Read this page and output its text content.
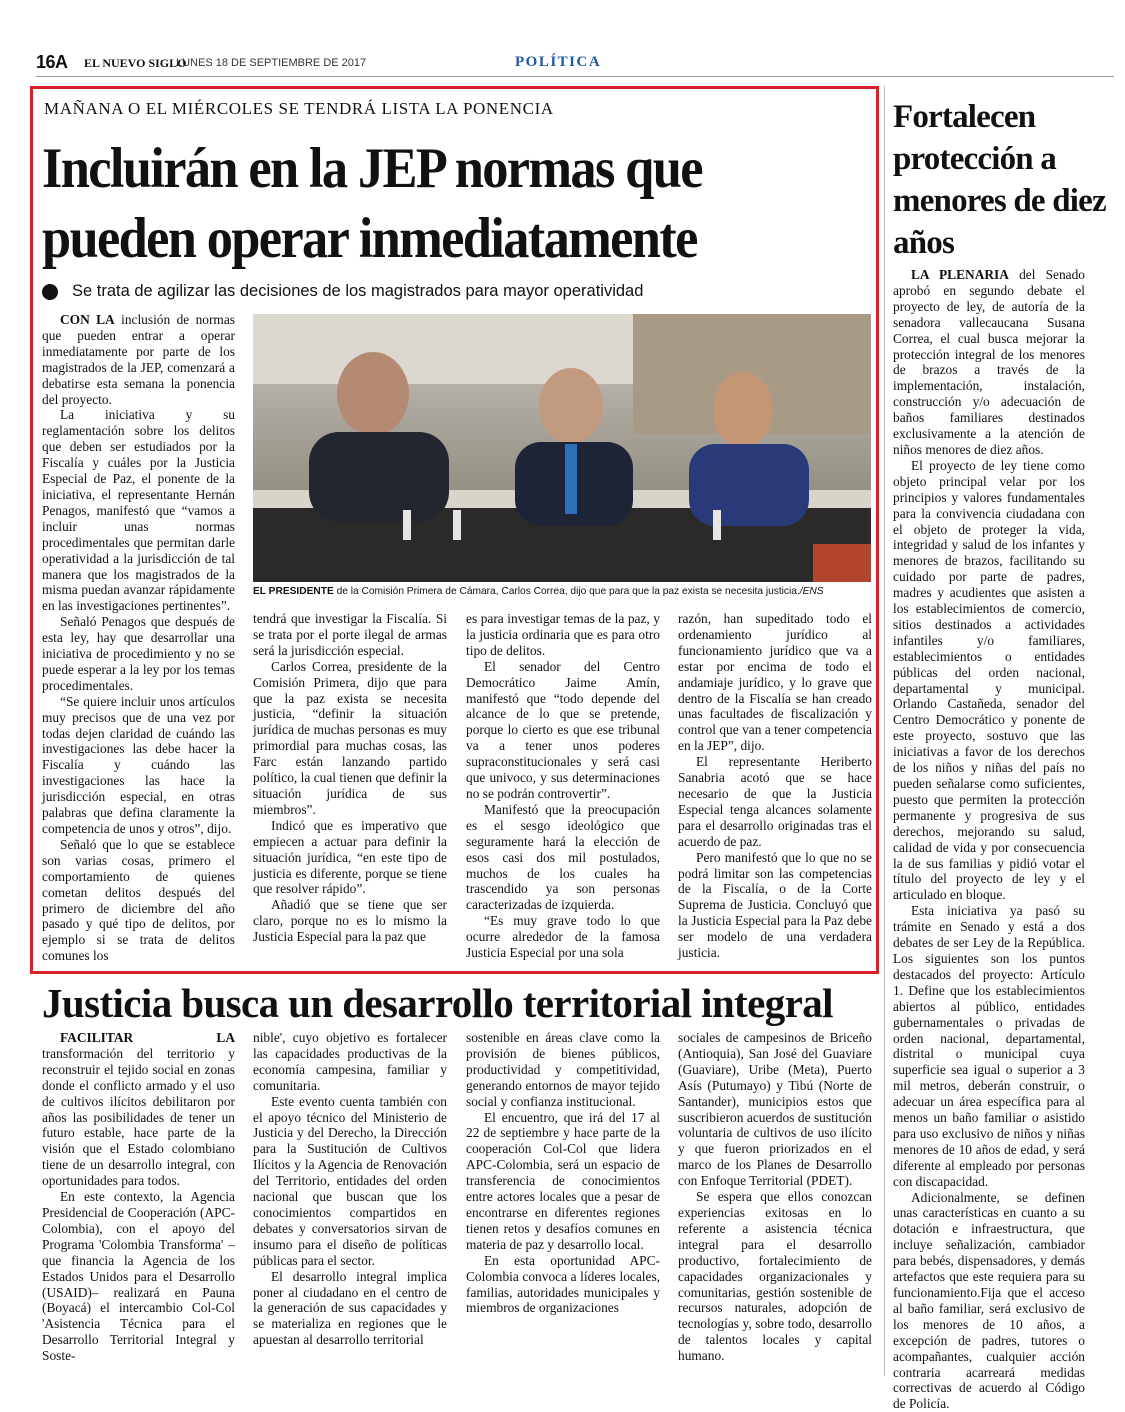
16A EL NUEVO SIGLO
LUNES 18 DE SEPTIEMBRE DE 2017	POLÍTICA
MAÑANA O EL MIÉRCOLES SE TENDRÁ LISTA LA PONENCIA
Incluirán en la JEP normas que
pueden operar inmediatamente
Se trata de agilizar las decisiones de los magistrados para mayor operatividad

CON LA inclusión de normas que pueden entrar a operar inmediatamente por parte de los magistrados de la JEP, comenzará a debatirse esta semana la ponencia del proyecto.

La iniciativa y su reglamentación sobre los delitos que deben ser estudiados por la Fiscalía y cuáles por la Justicia Especial de Paz, el ponente de la iniciativa, el representante Hernán Penagos, manifestó que “vamos a incluir unas normas procedimentales que permitan darle operatividad a la jurisdicción de tal manera que los magistrados de la misma puedan avanzar rápidamente en las investigaciones pertinentes”.

Señaló Penagos que después de esta ley, hay que desarrollar una iniciativa de procedimiento y no se puede esperar a la ley por los temas procedimentales.

“Se quiere incluir unos artículos muy precisos que de una vez por todas dejen claridad de cuándo las investigaciones las debe hacer la Fiscalía y cuándo las investigaciones las hace la jurisdicción especial, en otras palabras que defina claramente la competencia de unos y otros”, dijo.

Señaló que lo que se establece son varias cosas, primero el comportamiento de quienes cometan delitos después del primero de diciembre del año pasado y qué tipo de delitos, por ejemplo si se trata de delitos comunes los

EL PRESIDENTE de la Comisión Primera de Cámara, Carlos Correa, dijo que para que la paz exista se necesita justicia./ENS

tendrá que investigar la Fiscalía. Si se trata por el porte ilegal de armas será la jurisdicción especial.

Carlos Correa, presidente de la Comisión Primera, dijo que para que la paz exista se necesita justicia, “definir la situación jurídica de muchas personas es muy primordial para muchas cosas, las Farc están lanzando partido político, la cual tienen que definir la situación jurídica de sus miembros”.

Indicó que es imperativo que empiecen a actuar para definir la situación jurídica, “en este tipo de justicia es diferente, porque se tiene que resolver rápido”.

Añadió que se tiene que ser claro, porque no es lo mismo la Justicia Especial para la paz que

es para investigar temas de la paz, y la justicia ordinaria que es para otro tipo de delitos.

El senador del Centro Democrático Jaime Amín, manifestó que “todo depende del alcance de lo que se pretende, porque lo cierto es que ese tribunal va a tener unos poderes supraconstitucionales y será casi que univoco, y sus determinaciones no se podrán controvertir”.

Manifestó que la preocupación es el sesgo ideológico que seguramente hará la elección de esos casi dos mil postulados, muchos de los cuales ha trascendido ya son personas caracterizadas de izquierda.

“Es muy grave todo lo que ocurre alrededor de la famosa Justicia Especial por una sola

razón, han supeditado todo el ordenamiento jurídico al funcionamiento jurídico que va a estar por encima de todo el andamiaje jurídico, y lo grave que dentro de la Fiscalía se han creado unas facultades de fiscalización y control que van a tener competencia en la JEP”, dijo.

El representante Heriberto Sanabria acotó que se hace necesario de que la Justicia Especial tenga alcances solamente para el desarrollo originadas tras el acuerdo de paz.

Pero manifestó que lo que no se podrá limitar son las competencias de la Fiscalía, o de la Corte Suprema de Justicia. Concluyó que la Justicia Especial para la Paz debe ser modelo de una verdadera justicia.

Justicia busca un desarrollo territorial integral

FACILITAR LA transformación del territorio y reconstruir el tejido social en zonas donde el conflicto armado y el uso de cultivos ilícitos debilitaron por años las posibilidades de tener un futuro estable, hace parte de la visión que el Estado colombiano tiene de un desarrollo integral, con oportunidades para todos.

En este contexto, la Agencia Presidencial de Cooperación (APC-Colombia), con el apoyo del Programa 'Colombia Transforma' –que financia la Agencia de los Estados Unidos para el Desarrollo (USAID)– realizará en Pauna (Boyacá) el intercambio Col-Col 'Asistencia Técnica para el Desarrollo Territorial Integral y Soste-

nible', cuyo objetivo es fortalecer las capacidades productivas de la economía campesina, familiar y comunitaria.

Este evento cuenta también con el apoyo técnico del Ministerio de Justicia y del Derecho, la Dirección para la Sustitución de Cultivos Ilícitos y la Agencia de Renovación del Territorio, entidades del orden nacional que buscan que los conocimientos compartidos en debates y conversatorios sirvan de insumo para el diseño de políticas públicas para el sector.

El desarrollo integral implica poner al ciudadano en el centro de la generación de sus capacidades y se materializa en regiones que le apuestan al desarrollo territorial

sostenible en áreas clave como la provisión de bienes públicos, productividad y competitividad, generando entornos de mayor tejido social y confianza institucional.

El encuentro, que irá del 17 al 22 de septiembre y hace parte de la cooperación Col-Col que lidera APC-Colombia, será un espacio de transferencia de conocimientos entre actores locales que a pesar de encontrarse en diferentes regiones tienen retos y desafíos comunes en materia de paz y desarrollo local.

En esta oportunidad APC-Colombia convoca a líderes locales, familias, autoridades municipales y miembros de organizaciones

sociales de campesinos de Briceño (Antioquia), San José del Guaviare (Guaviare), Uribe (Meta), Puerto Asís (Putumayo) y Tibú (Norte de Santander), municipios estos que suscribieron acuerdos de sustitución voluntaria de cultivos de uso ilícito y que fueron priorizados en el marco de los Planes de Desarrollo con Enfoque Territorial (PDET).

Se espera que ellos conozcan experiencias exitosas en lo referente a asistencia técnica integral para el desarrollo productivo, fortalecimiento de capacidades organizacionales y comunitarias, gestión sostenible de recursos naturales, adopción de tecnologías y, sobre todo, desarrollo de talentos locales y capital humano.

Fortalecen protección a menores de diez años

LA PLENARIA del Senado aprobó en segundo debate el proyecto de ley, de autoría de la senadora vallecaucana Susana Correa, el cual busca mejorar la protección integral de los menores de brazos a través de la implementación, instalación, construcción y/o adecuación de baños familiares destinados exclusivamente a la atención de niños menores de diez años.

El proyecto de ley tiene como objeto principal velar por los principios y valores fundamentales para la convivencia ciudadana con el objeto de proteger la vida, integridad y salud de los infantes y menores de brazos, facilitando su cuidado por parte de padres, madres y acudientes que asisten a los establecimientos de comercio, sitios destinados a actividades infantiles y/o familiares, establecimientos o entidades públicas del orden nacional, departamental y municipal. Orlando Castañeda, senador del Centro Democrático y ponente de este proyecto, sostuvo que las iniciativas a favor de los derechos de los niños y niñas del país no pueden señalarse como suficientes, puesto que permiten la protección permanente y progresiva de sus derechos, mejorando su salud, calidad de vida y por consecuencia la de sus familias y pidió votar el título del proyecto de ley y el articulado en bloque.

Esta iniciativa ya pasó su trámite en Senado y está a dos debates de ser Ley de la República. Los siguientes son los puntos destacados del proyecto: Artículo 1. Define que los establecimientos abiertos al público, entidades gubernamentales o privadas de orden nacional, departamental, distrital o municipal cuya superficie sea igual o superior a 3 mil metros, deberán construir, o adecuar un área específica para al menos un baño familiar o asistido para uso exclusivo de niños y niñas menores de 10 años de edad, y será diferente al empleado por personas con discapacidad.

Adicionalmente, se definen unas características en cuanto a su dotación e infraestructura, que incluye señalización, cambiador para bebés, dispensadores, y demás artefactos que este requiera para su funcionamiento.Fija que el acceso al baño familiar, será exclusivo de los menores de 10 años, a excepción de padres, tutores o acompañantes, cualquier acción contraria acarreará medidas correctivas de acuerdo al Código de Policía.
